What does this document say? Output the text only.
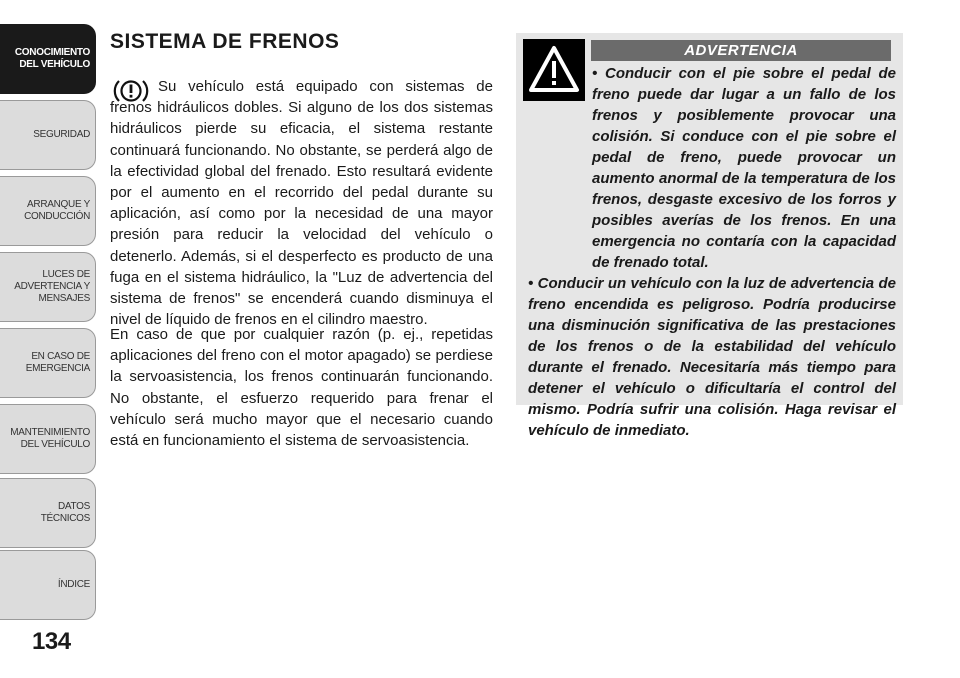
CONOCIMIENTO
DEL VEHÍCULO
SEGURIDAD
ARRANQUE Y
CONDUCCIÓN
LUCES DE
ADVERTENCIA Y
MENSAJES
EN CASO DE
EMERGENCIA
MANTENIMIENTO
DEL VEHÍCULO
DATOS
TÉCNICOS
ÍNDICE
134
SISTEMA DE FRENOS

Su vehículo está equipado con sistemas de frenos hidráulicos dobles. Si alguno de los dos sistemas hidráulicos pierde su eficacia, el sistema restante continuará funcionando. No obstante, se perderá algo de la efectividad global del frenado. Esto resultará evidente por el aumento en el recorrido del pedal durante su aplicación, así como por la necesidad de una mayor presión para reducir la velocidad del vehículo o detenerlo. Además, si el desperfecto es producto de una fuga en el sistema hidráulico, la "Luz de advertencia del sistema de frenos" se encenderá cuando disminuya el nivel de líquido de frenos en el cilindro maestro.

En caso de que por cualquier razón (p. ej., repetidas aplicaciones del freno con el motor apagado) se perdiese la servoasistencia, los frenos continuarán funcionando. No obstante, el esfuerzo requerido para frenar el vehículo será mucho mayor que el necesario cuando está en funcionamiento el sistema de servoasistencia.

ADVERTENCIA

• Conducir con el pie sobre el pedal de freno puede dar lugar a un fallo de los frenos y posiblemente provocar una colisión. Si conduce con el pie sobre el pedal de freno, puede provocar un aumento anormal de la temperatura de los frenos, desgaste excesivo de los forros y posibles averías de los frenos. En una emergencia no contaría con la capacidad de frenado total.

• Conducir un vehículo con la luz de advertencia de freno encendida es peligroso. Podría producirse una disminución significativa de las prestaciones de los frenos o de la estabilidad del vehículo durante el frenado. Necesitaría más tiempo para detener el vehículo o dificultaría el control del mismo. Podría sufrir una colisión. Haga revisar el vehículo de inmediato.
